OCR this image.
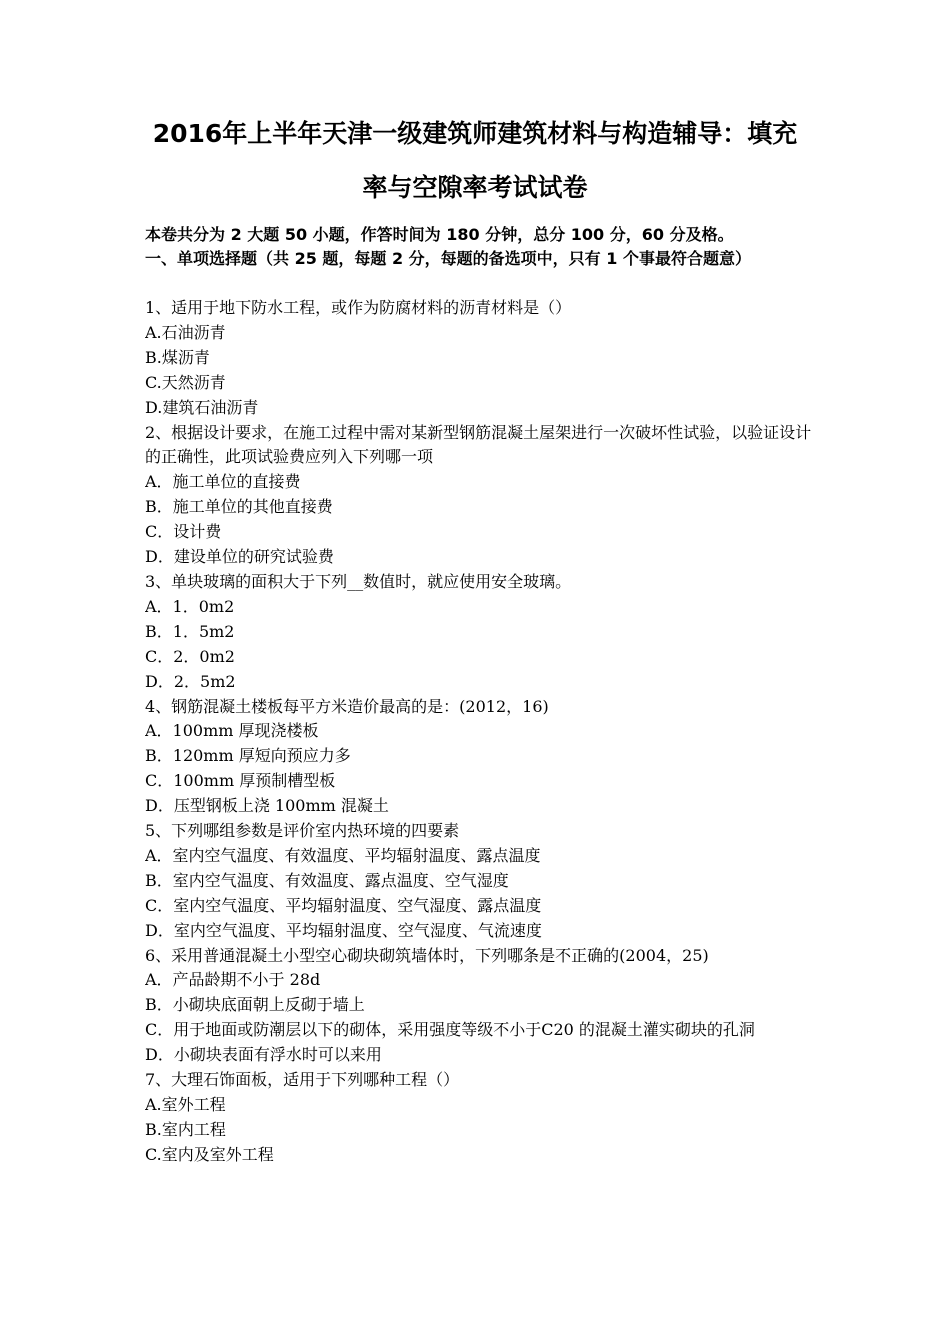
2016年上半年天津一级建筑师建筑材料与构造辅导：填充
率与空隙率考试试卷
本卷共分为 2 大题 50 小题，作答时间为 180 分钟，总分 100 分，60 分及格。
一、单项选择题（共 25 题，每题 2 分，每题的备选项中，只有 1 个事最符合题意）
1、适用于地下防水工程，或作为防腐材料的沥青材料是（）
A.石油沥青
B.煤沥青
C.天然沥青
D.建筑石油沥青
2、根据设计要求，在施工过程中需对某新型钢筋混凝土屋架进行一次破坏性试验，以验证设计的正确性，此项试验费应列入下列哪一项
A．施工单位的直接费
B．施工单位的其他直接费
C．设计费
D．建设单位的研究试验费
3、单块玻璃的面积大于下列__数值时，就应使用安全玻璃。
A．1．0m2
B．1．5m2
C．2．0m2
D．2．5m2
4、钢筋混凝土楼板每平方米造价最高的是：(2012，16)
A．100mm 厚现浇楼板
B．120mm 厚短向预应力多
C．100mm 厚预制槽型板
D．压型钢板上浇 100mm 混凝土
5、下列哪组参数是评价室内热环境的四要素
A．室内空气温度、有效温度、平均辐射温度、露点温度
B．室内空气温度、有效温度、露点温度、空气湿度
C．室内空气温度、平均辐射温度、空气湿度、露点温度
D．室内空气温度、平均辐射温度、空气湿度、气流速度
6、采用普通混凝土小型空心砌块砌筑墙体时，下列哪条是不正确的(2004，25)
A．产品龄期不小于 28d
B．小砌块底面朝上反砌于墙上
C．用于地面或防潮层以下的砌体，采用强度等级不小于C20 的混凝土灌实砌块的孔洞
D．小砌块表面有浮水时可以来用
7、大理石饰面板，适用于下列哪种工程（）
A.室外工程
B.室内工程
C.室内及室外工程
